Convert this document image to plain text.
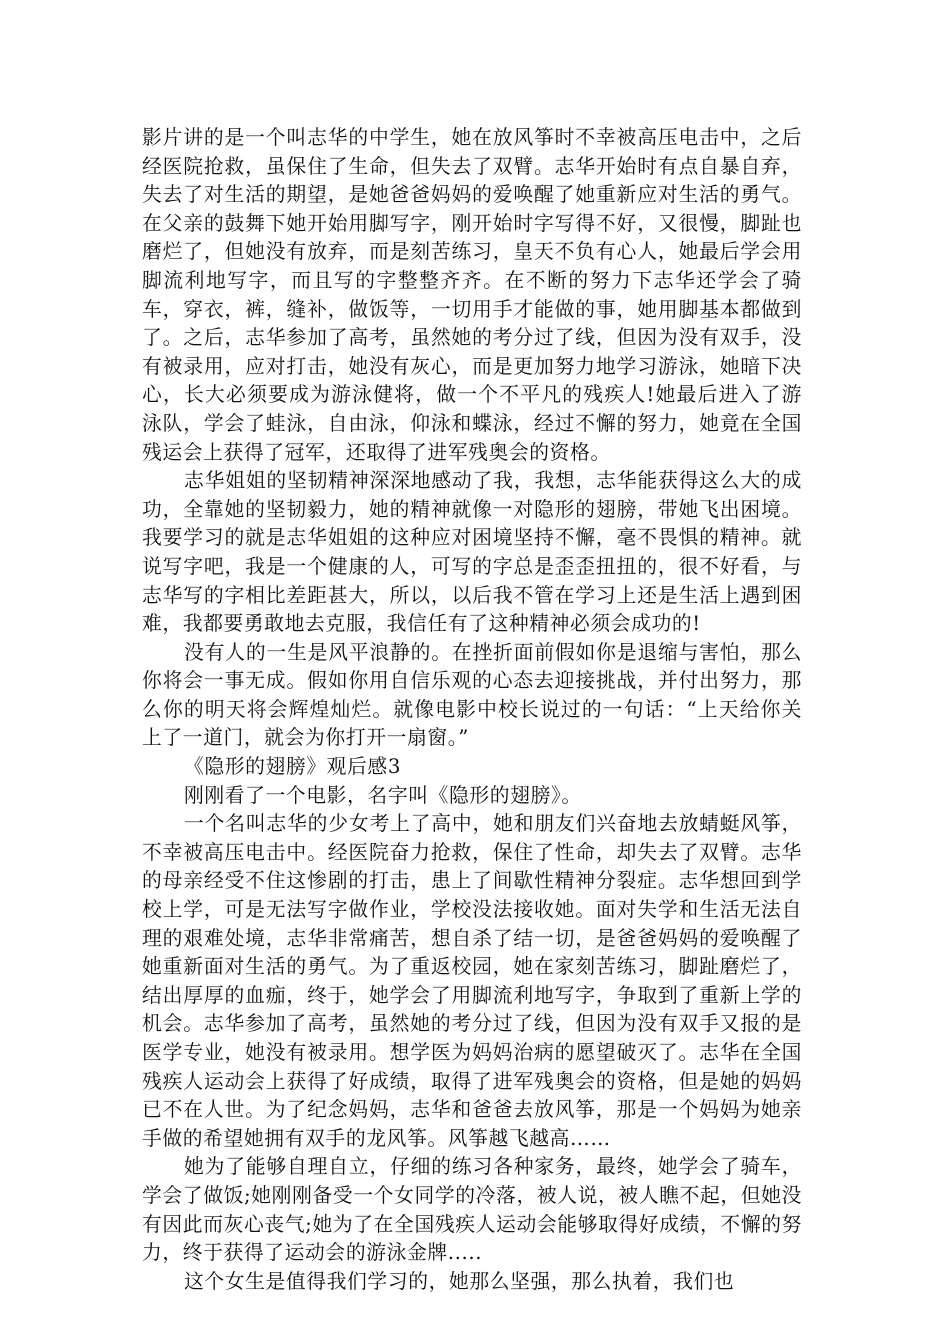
影片讲的是一个叫志华的中学生，她在放风筝时不幸被高压电击中，之后经医院抢救，虽保住了生命，但失去了双臂。志华开始时有点自暴自弃，失去了对生活的期望，是她爸爸妈妈的爱唤醒了她重新应对生活的勇气。在父亲的鼓舞下她开始用脚写字，刚开始时字写得不好，又很慢，脚趾也磨烂了，但她没有放弃，而是刻苦练习，皇天不负有心人，她最后学会用脚流利地写字，而且写的字整整齐齐。在不断的努力下志华还学会了骑车，穿衣，裤，缝补，做饭等，一切用手才能做的事，她用脚基本都做到了。之后，志华参加了高考，虽然她的考分过了线，但因为没有双手，没有被录用，应对打击，她没有灰心，而是更加努力地学习游泳，她暗下决心，长大必须要成为游泳健将，做一个不平凡的残疾人!她最后进入了游泳队，学会了蛙泳，自由泳，仰泳和蝶泳，经过不懈的努力，她竟在全国残运会上获得了冠军，还取得了进军残奥会的资格。

志华姐姐的坚韧精神深深地感动了我，我想，志华能获得这么大的成功，全靠她的坚韧毅力，她的精神就像一对隐形的翅膀，带她飞出困境。我要学习的就是志华姐姐的这种应对困境坚持不懈，毫不畏惧的精神。就说写字吧，我是一个健康的人，可写的字总是歪歪扭扭的，很不好看，与志华写的字相比差距甚大，所以，以后我不管在学习上还是生活上遇到困难，我都要勇敢地去克服，我信任有了这种精神必须会成功的!

没有人的一生是风平浪静的。在挫折面前假如你是退缩与害怕，那么你将会一事无成。假如你用自信乐观的心态去迎接挑战，并付出努力，那么你的明天将会辉煌灿烂。就像电影中校长说过的一句话：“上天给你关上了一道门，就会为你打开一扇窗。”

《隐形的翅膀》观后感3

刚刚看了一个电影，名字叫《隐形的翅膀》。

一个名叫志华的少女考上了高中，她和朋友们兴奋地去放蜻蜓风筝，不幸被高压电击中。经医院奋力抢救，保住了性命，却失去了双臂。志华的母亲经受不住这惨剧的打击，患上了间歇性精神分裂症。志华想回到学校上学，可是无法写字做作业，学校没法接收她。面对失学和生活无法自理的艰难处境，志华非常痛苦，想自杀了结一切，是爸爸妈妈的爱唤醒了她重新面对生活的勇气。为了重返校园，她在家刻苦练习，脚趾磨烂了，结出厚厚的血痂，终于，她学会了用脚流利地写字，争取到了重新上学的机会。志华参加了高考，虽然她的考分过了线，但因为没有双手又报的是医学专业，她没有被录用。想学医为妈妈治病的愿望破灭了。志华在全国残疾人运动会上获得了好成绩，取得了进军残奥会的资格，但是她的妈妈已不在人世。为了纪念妈妈，志华和爸爸去放风筝，那是一个妈妈为她亲手做的希望她拥有双手的龙风筝。风筝越飞越高……

她为了能够自理自立，仔细的练习各种家务，最终，她学会了骑车，学会了做饭;她刚刚备受一个女同学的冷落，被人说，被人瞧不起，但她没有因此而灰心丧气;她为了在全国残疾人运动会能够取得好成绩，不懈的努力，终于获得了运动会的游泳金牌.....

这个女生是值得我们学习的，她那么坚强，那么执着，我们也
